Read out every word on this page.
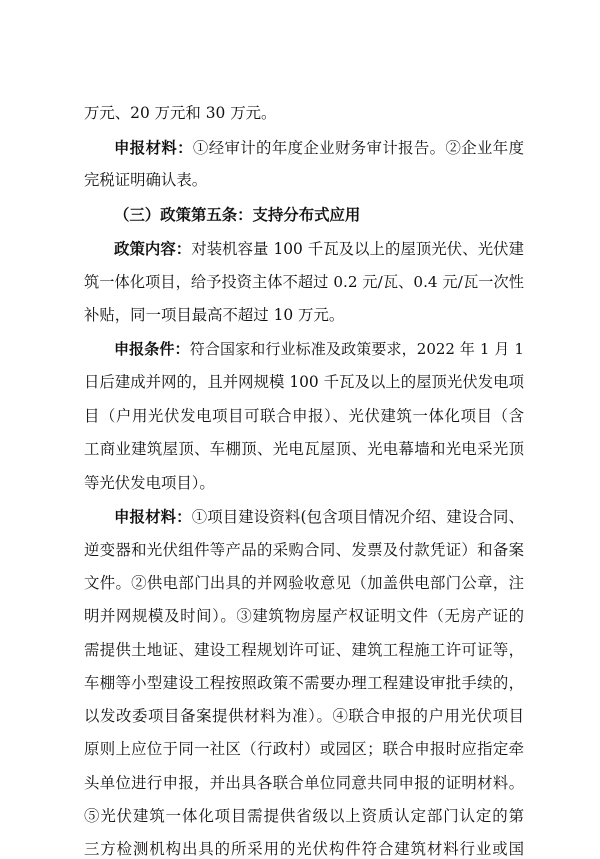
万元、20 万元和 30 万元。
申报材料：①经审计的年度企业财务审计报告。②企业年度
完税证明确认表。
（三）政策第五条：支持分布式应用
政策内容：对装机容量 100 千瓦及以上的屋顶光伏、光伏建
筑一体化项目，给予投资主体不超过 0.2 元/瓦、0.4 元/瓦一次性
补贴，同一项目最高不超过 10 万元。
申报条件：符合国家和行业标准及政策要求，2022 年 1 月 1
日后建成并网的，且并网规模 100 千瓦及以上的屋顶光伏发电项
目（户用光伏发电项目可联合申报）、光伏建筑一体化项目（含
工商业建筑屋顶、车棚顶、光电瓦屋顶、光电幕墙和光电采光顶
等光伏发电项目）。
申报材料：①项目建设资料(包含项目情况介绍、建设合同、
逆变器和光伏组件等产品的采购合同、发票及付款凭证）和备案
文件。②供电部门出具的并网验收意见（加盖供电部门公章，注
明并网规模及时间）。③建筑物房屋产权证明文件（无房产证的
需提供土地证、建设工程规划许可证、建筑工程施工许可证等，
车棚等小型建设工程按照政策不需要办理工程建设审批手续的，
以发改委项目备案提供材料为准）。④联合申报的户用光伏项目
原则上应位于同一社区（行政村）或园区；联合申报时应指定牵
头单位进行申报，并出具各联合单位同意共同申报的证明材料。
⑤光伏建筑一体化项目需提供省级以上资质认定部门认定的第
三方检测机构出具的所采用的光伏构件符合建筑材料行业或国
